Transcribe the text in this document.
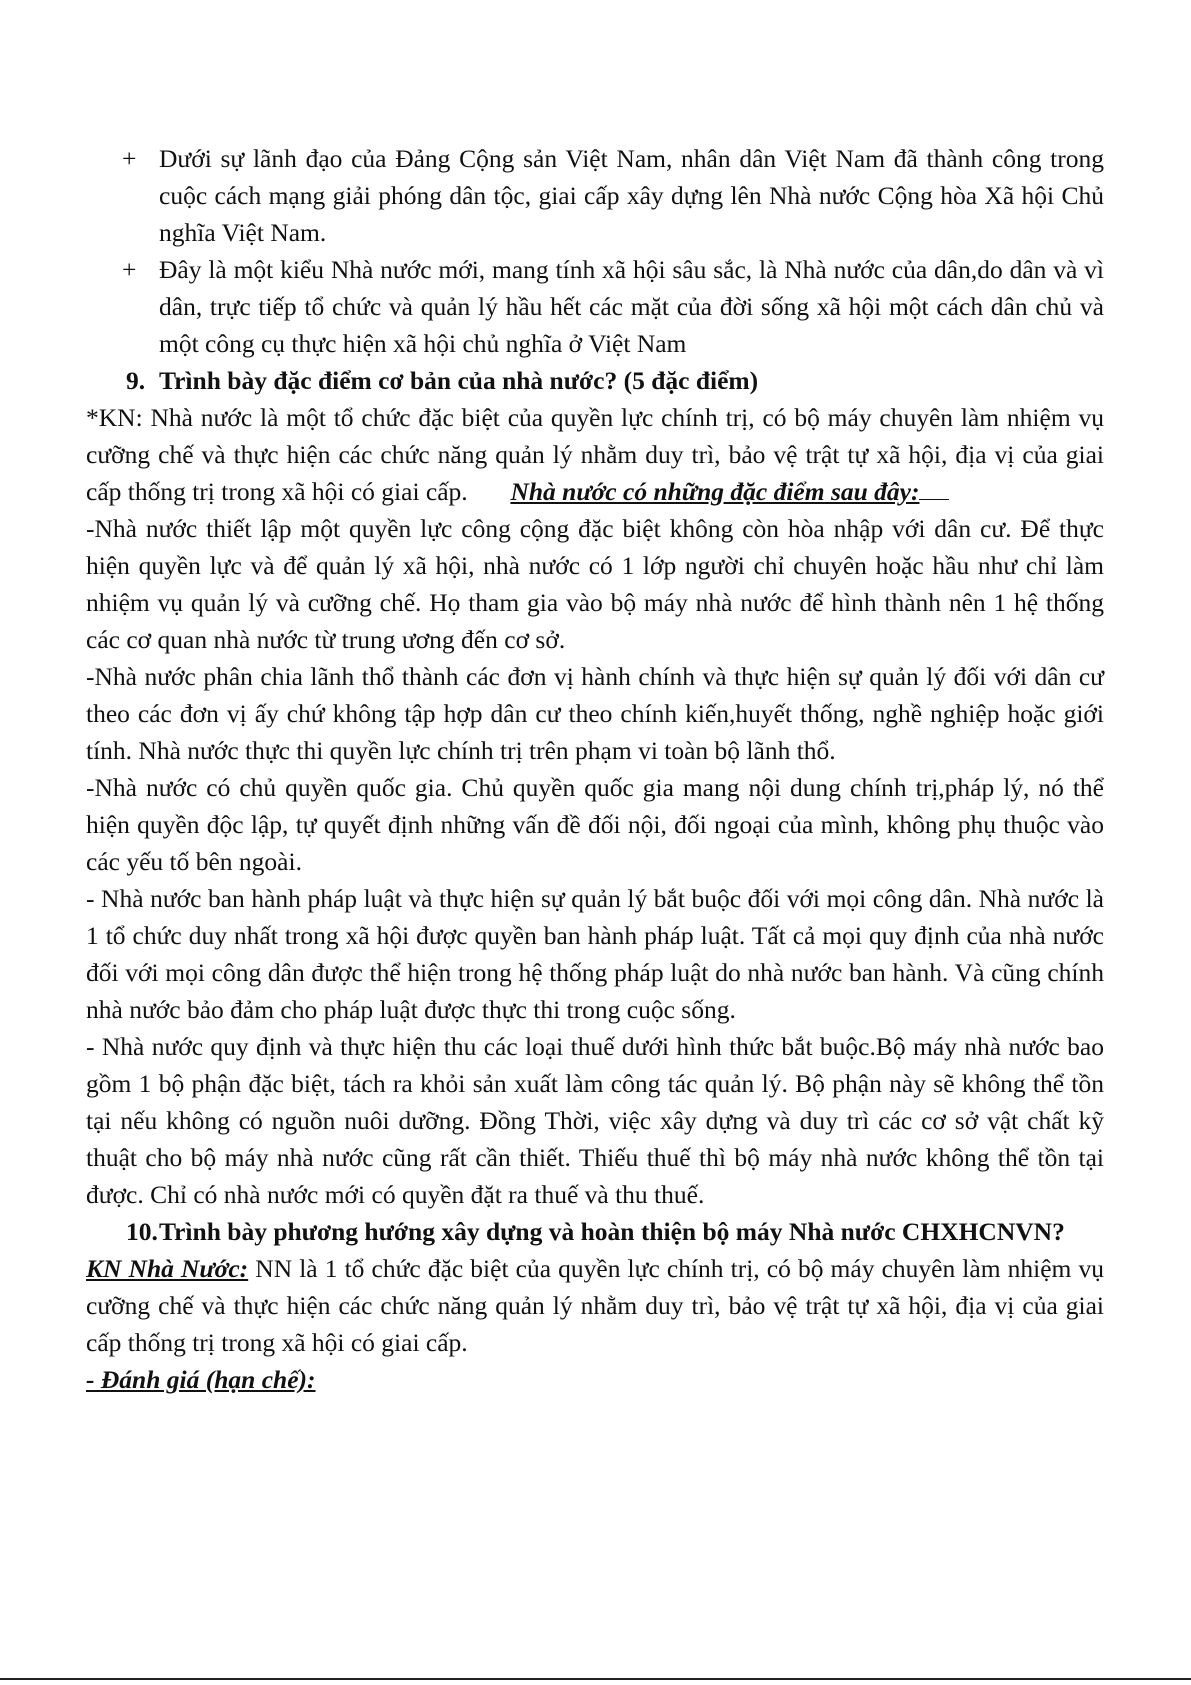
+ Dưới sự lãnh đạo của Đảng Cộng sản Việt Nam, nhân dân Việt Nam đã thành công trong cuộc cách mạng giải phóng dân tộc, giai cấp xây dựng lên Nhà nước Cộng hòa Xã hội Chủ nghĩa Việt Nam.

+ Đây là một kiểu Nhà nước mới, mang tính xã hội sâu sắc, là Nhà nước của dân,do dân và vì dân, trực tiếp tổ chức và quản lý hầu hết các mặt của đời sống xã hội một cách dân chủ và một công cụ thực hiện xã hội chủ nghĩa ở Việt Nam

9. Trình bày đặc điểm cơ bản của nhà nước? (5 đặc điểm)

*KN: Nhà nước là một tổ chức đặc biệt của quyền lực chính trị, có bộ máy chuyên làm nhiệm vụ cưỡng chế và thực hiện các chức năng quản lý nhằm duy trì, bảo vệ trật tự xã hội, địa vị của giai cấp thống trị trong xã hội có giai cấp. Nhà nước có những đặc điểm sau đây:

-Nhà nước thiết lập một quyền lực công cộng đặc biệt không còn hòa nhập với dân cư. Để thực hiện quyền lực và để quản lý xã hội, nhà nước có 1 lớp người chỉ chuyên hoặc hầu như chỉ làm nhiệm vụ quản lý và cưỡng chế. Họ tham gia vào bộ máy nhà nước để hình thành nên 1 hệ thống các cơ quan nhà nước từ trung ương đến cơ sở.

-Nhà nước phân chia lãnh thổ thành các đơn vị hành chính và thực hiện sự quản lý đối với dân cư theo các đơn vị ấy chứ không tập hợp dân cư theo chính kiến,huyết thống, nghề nghiệp hoặc giới tính. Nhà nước thực thi quyền lực chính trị trên phạm vi toàn bộ lãnh thổ.

-Nhà nước có chủ quyền quốc gia. Chủ quyền quốc gia mang nội dung chính trị,pháp lý, nó thể hiện quyền độc lập, tự quyết định những vấn đề đối nội, đối ngoại của mình, không phụ thuộc vào các yếu tố bên ngoài.

- Nhà nước ban hành pháp luật và thực hiện sự quản lý bắt buộc đối với mọi công dân. Nhà nước là 1 tổ chức duy nhất trong xã hội được quyền ban hành pháp luật. Tất cả mọi quy định của nhà nước đối với mọi công dân được thể hiện trong hệ thống pháp luật do nhà nước ban hành. Và cũng chính nhà nước bảo đảm cho pháp luật được thực thi trong cuộc sống.

- Nhà nước quy định và thực hiện thu các loại thuế dưới hình thức bắt buộc.Bộ máy nhà nước bao gồm 1 bộ phận đặc biệt, tách ra khỏi sản xuất làm công tác quản lý. Bộ phận này sẽ không thể tồn tại nếu không có nguồn nuôi dưỡng. Đồng Thời, việc xây dựng và duy trì các cơ sở vật chất kỹ thuật cho bộ máy nhà nước cũng rất cần thiết. Thiếu thuế thì bộ máy nhà nước không thể tồn tại được. Chỉ có nhà nước mới có quyền đặt ra thuế và thu thuế.

10. Trình bày phương hướng xây dựng và hoàn thiện bộ máy Nhà nước CHXHCNVN?

KN Nhà Nước: NN là 1 tổ chức đặc biệt của quyền lực chính trị, có bộ máy chuyên làm nhiệm vụ cưỡng chế và thực hiện các chức năng quản lý nhằm duy trì, bảo vệ trật tự xã hội, địa vị của giai cấp thống trị trong xã hội có giai cấp.

- Đánh giá (hạn chế):
